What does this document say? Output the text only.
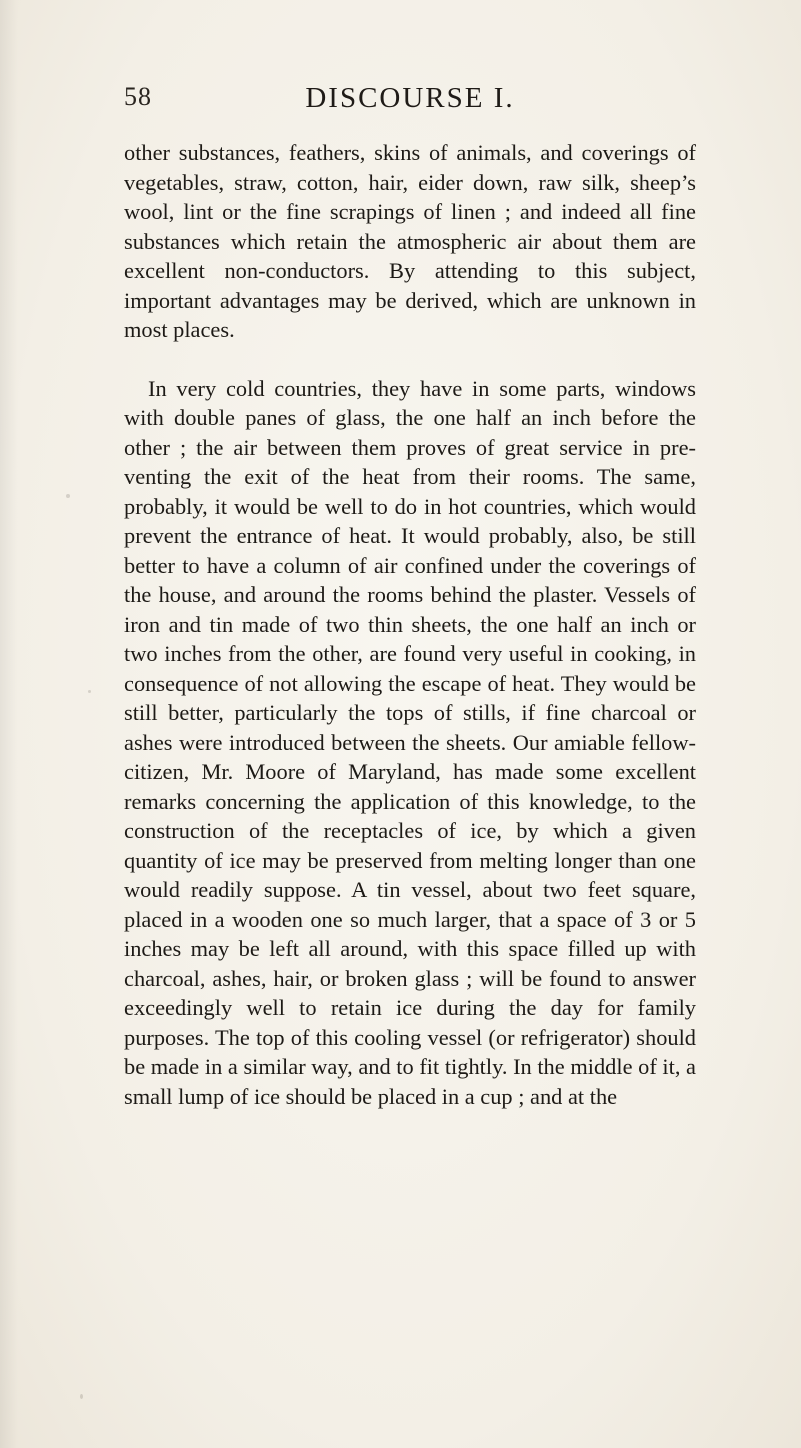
58	DISCOURSE I.

other substances, feathers, skins of animals, and coverings of vegetables, straw, cotton, hair, eider down, raw silk, sheep’s wool, lint or the fine scrapings of linen ; and indeed all fine substances which retain the atmospheric air about them are excellent non-conductors. By attending to this subject, important advantages may be derived, which are unknown in most places.

In very cold countries, they have in some parts, windows with double panes of glass, the one half an inch before the other ; the air between them proves of great service in preventing the exit of the heat from their rooms. The same, probably, it would be well to do in hot countries, which would prevent the entrance of heat. It would probably, also, be still better to have a column of air confined under the coverings of the house, and around the rooms behind the plaster. Vessels of iron and tin made of two thin sheets, the one half an inch or two inches from the other, are found very useful in cooking, in consequence of not allowing the escape of heat. They would be still better, particularly the tops of stills, if fine charcoal or ashes were introduced between the sheets. Our amiable fellow-citizen, Mr. Moore of Maryland, has made some excellent remarks concerning the application of this knowledge, to the construction of the receptacles of ice, by which a given quantity of ice may be preserved from melting longer than one would readily suppose. A tin vessel, about two feet square, placed in a wooden one so much larger, that a space of 3 or 5 inches may be left all around, with this space filled up with charcoal, ashes, hair, or broken glass ; will be found to answer exceedingly well to retain ice during the day for family purposes. The top of this cooling vessel (or refrigerator) should be made in a similar way, and to fit tightly. In the middle of it, a small lump of ice should be placed in a cup ; and at the
